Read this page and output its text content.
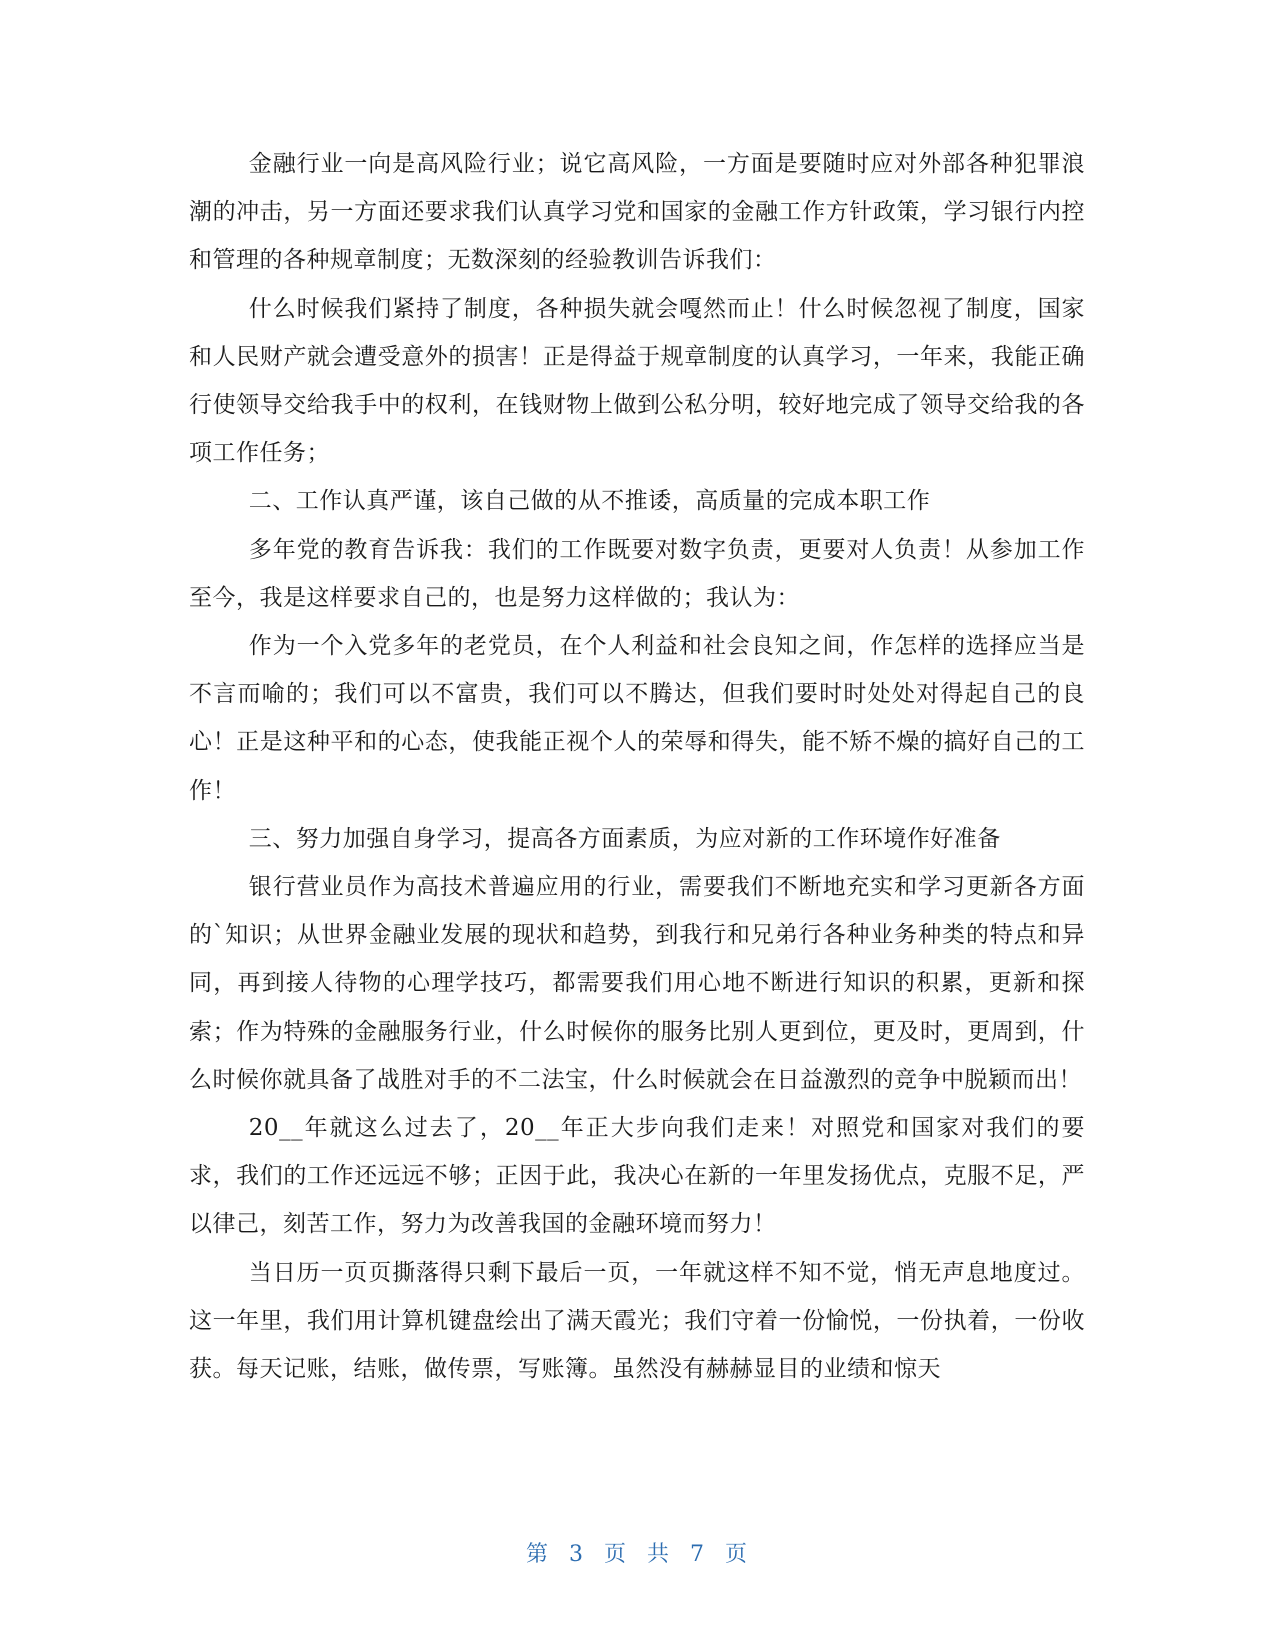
金融行业一向是高风险行业；说它高风险，一方面是要随时应对外部各种犯罪浪潮的冲击，另一方面还要求我们认真学习党和国家的金融工作方针政策，学习银行内控和管理的各种规章制度；无数深刻的经验教训告诉我们：

什么时候我们紧持了制度，各种损失就会嘎然而止！什么时候忽视了制度，国家和人民财产就会遭受意外的损害！正是得益于规章制度的认真学习，一年来，我能正确行使领导交给我手中的权利，在钱财物上做到公私分明，较好地完成了领导交给我的各项工作任务；

二、工作认真严谨，该自己做的从不推诿，高质量的完成本职工作

多年党的教育告诉我：我们的工作既要对数字负责，更要对人负责！从参加工作至今，我是这样要求自己的，也是努力这样做的；我认为：

作为一个入党多年的老党员，在个人利益和社会良知之间，作怎样的选择应当是不言而喻的；我们可以不富贵，我们可以不腾达，但我们要时时处处对得起自己的良心！正是这种平和的心态，使我能正视个人的荣辱和得失，能不矫不燥的搞好自己的工作！

三、努力加强自身学习，提高各方面素质，为应对新的工作环境作好准备

银行营业员作为高技术普遍应用的行业，需要我们不断地充实和学习更新各方面的`知识；从世界金融业发展的现状和趋势，到我行和兄弟行各种业务种类的特点和异同，再到接人待物的心理学技巧，都需要我们用心地不断进行知识的积累，更新和探索；作为特殊的金融服务行业，什么时候你的服务比别人更到位，更及时，更周到，什么时候你就具备了战胜对手的不二法宝，什么时候就会在日益激烈的竞争中脱颖而出！

20__年就这么过去了，20__年正大步向我们走来！对照党和国家对我们的要求，我们的工作还远远不够；正因于此，我决心在新的一年里发扬优点，克服不足，严以律己，刻苦工作，努力为改善我国的金融环境而努力！

当日历一页页撕落得只剩下最后一页，一年就这样不知不觉，悄无声息地度过。这一年里，我们用计算机键盘绘出了满天霞光；我们守着一份愉悦，一份执着，一份收获。每天记账，结账，做传票，写账簿。虽然没有赫赫显目的业绩和惊天

第 3 页 共 7 页
